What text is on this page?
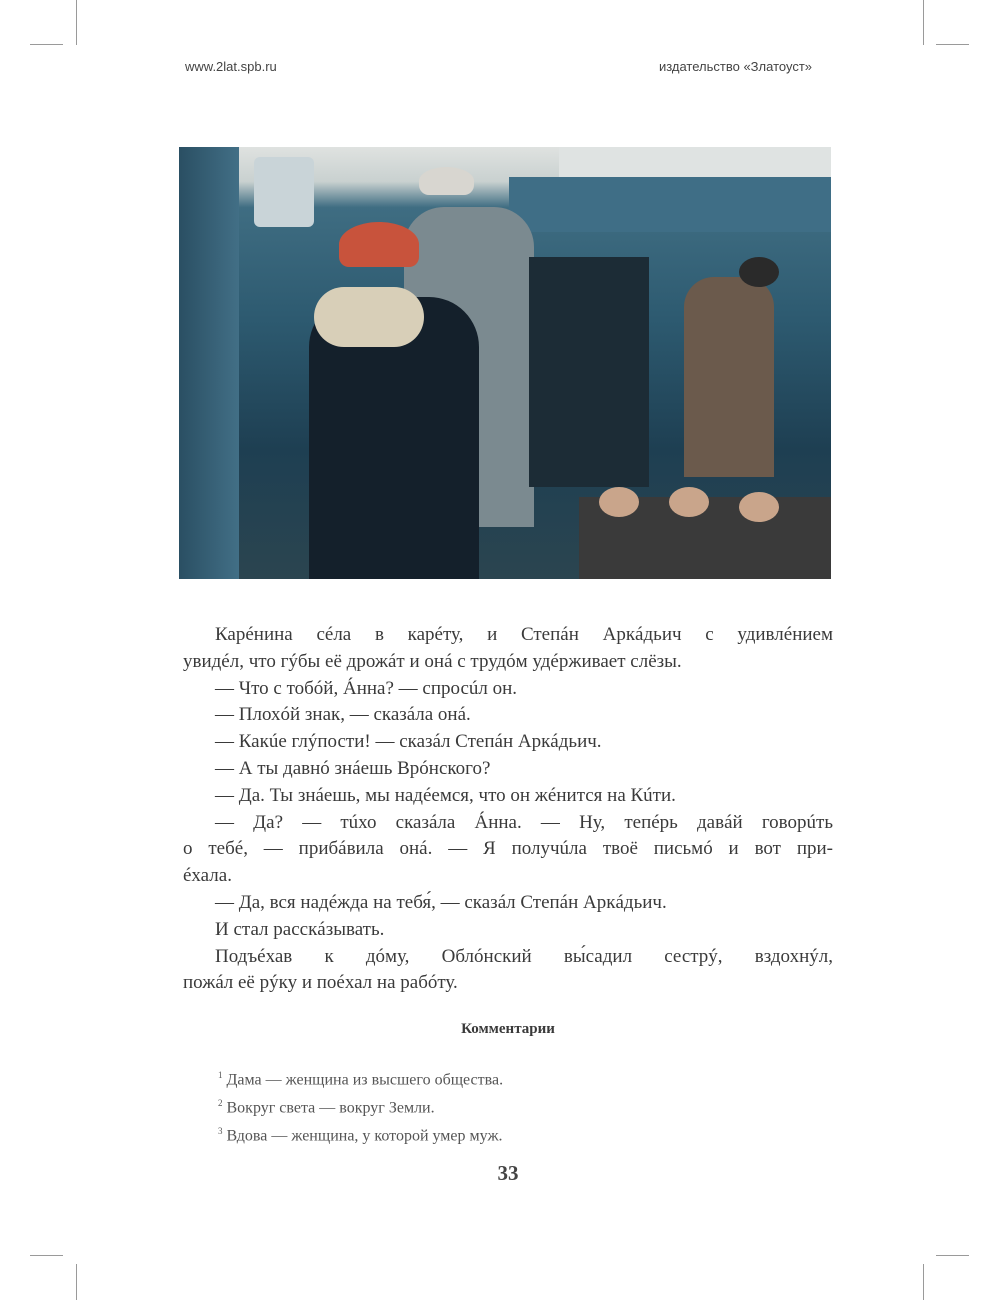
www.2lat.spb.ru	издательство «Златоуст»
Карéнина сéла в карéту, и Степáн Аркáдьич с удивлéнием
увидéл, что гýбы её дрожáт и онá с трудóм удéрживает слёзы.
— Что с тобóй, Áнна? — спросúл он.
— Плохóй знак, — сказáла онá.
— Какúе глýпости! — сказáл Степáн Аркáдьич.
— А ты давнó знáешь Врóнского?
— Да. Ты знáешь, мы надéемся, что он жéнится на Кúти.
— Да? — тúхо сказáла Áнна. — Ну, тепéрь давáй говорúть
о тебé, — прибáвила онá. — Я получúла твоё письмó и вот при-
éхала.
— Да, вся надéжда на тебя́, — сказáл Степáн Аркáдьич.
И стал расскáзывать.
Подъéхав к дóму, Облóнский вы́садил сестрý, вздохнýл,
пожáл её рýку и поéхал на рабóту.
Комментарии
$^1$ Дама — женщина из высшего общества.
$^2$ Вокруг света — вокруг Земли.
$^3$ Вдова — женщина, у которой умер муж.
33
